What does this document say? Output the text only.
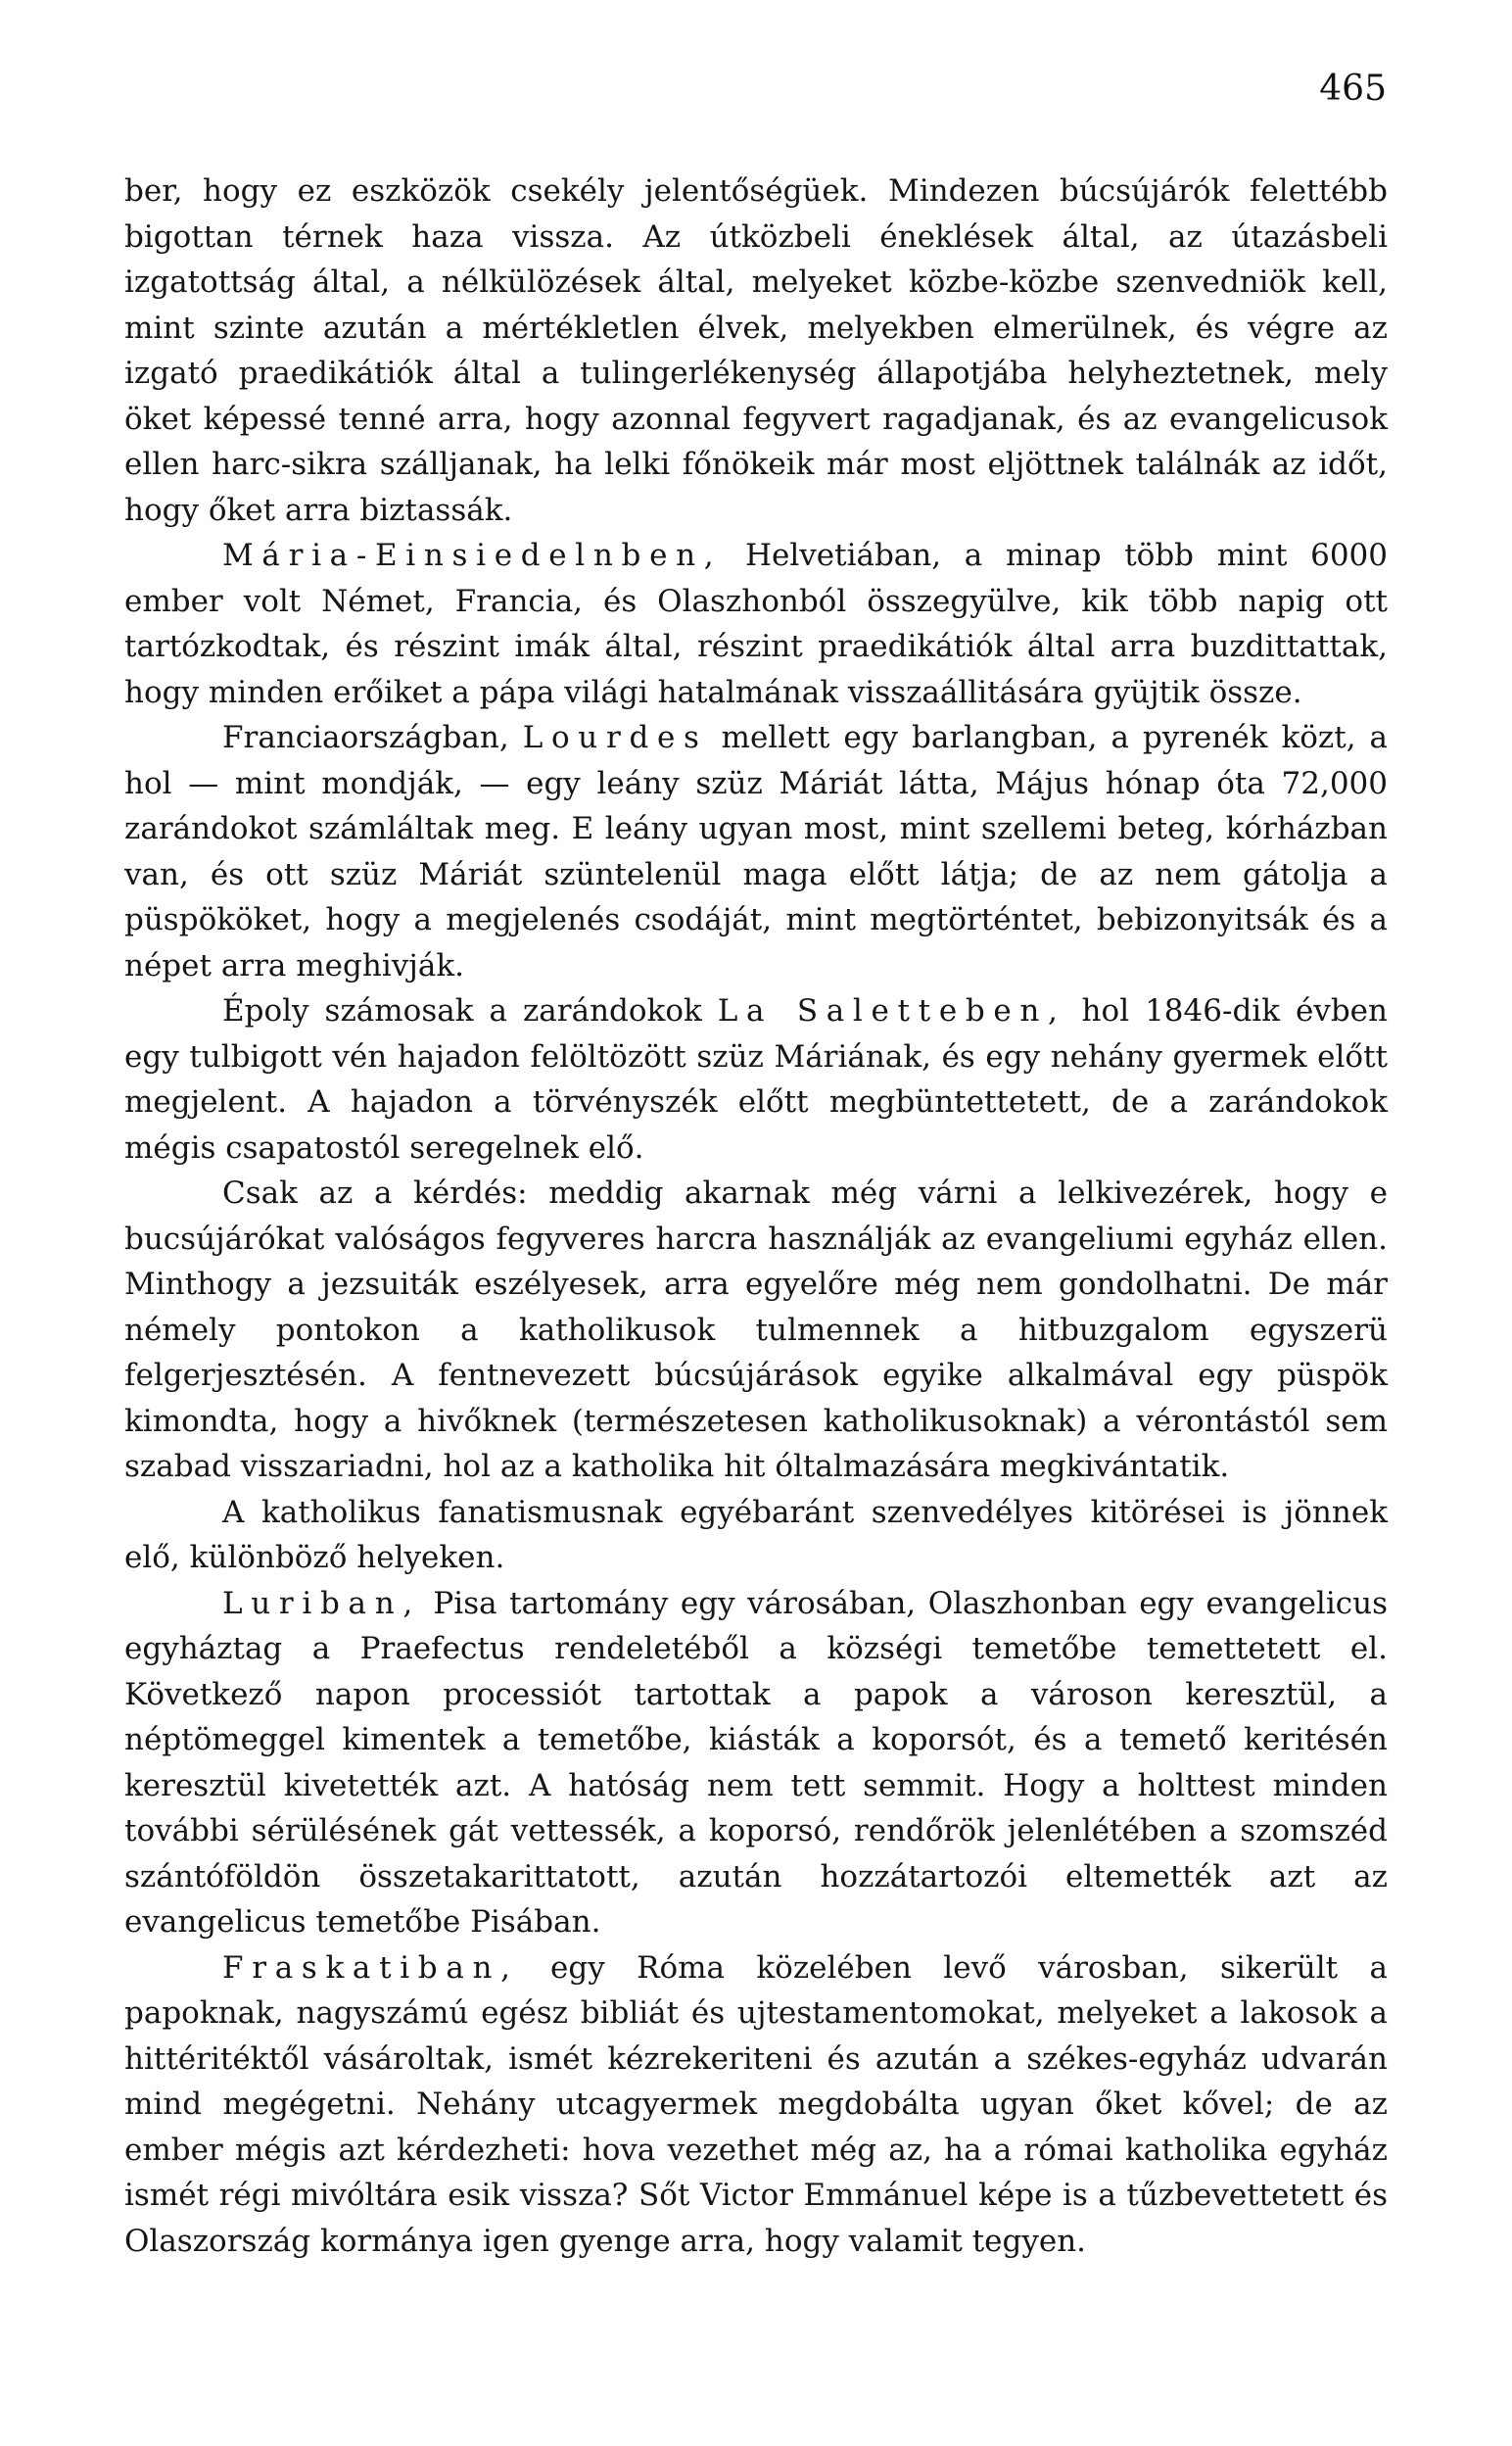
465

ber, hogy ez eszközök csekély jelentőségüek. Mindezen búcsújárók felettébb bigottan térnek haza vissza. Az útközbeli éneklések által, az útazásbeli izgatottság által, a nélkülözések által, melyeket közbe-közbe szenvedniök kell, mint szinte azután a mértékletlen élvek, melyekben elmerülnek, és végre az izgató praedikátiók által a tulingerlékenység állapotjába helyheztetnek, mely öket képessé tenné arra, hogy azonnal fegyvert ragadjanak, és az evangelicusok ellen harc-sikra szálljanak, ha lelki főnökeik már most eljöttnek találnák az időt, hogy őket arra biztassák.

Mária-Einsiedelnben, Helvetiában, a minap több mint 6000 ember volt Német, Francia, és Olaszhonból összegyülve, kik több napig ott tartózkodtak, és részint imák által, részint praedikátiók által arra buzdittattak, hogy minden erőiket a pápa világi hatalmának visszaállitására gyüjtik össze.

Franciaországban, Lourdes mellett egy barlangban, a pyrenék közt, a hol — mint mondják, — egy leány szüz Máriát látta, Május hónap óta 72,000 zarándokot számláltak meg. E leány ugyan most, mint szellemi beteg, kórházban van, és ott szüz Máriát szüntelenül maga előtt látja; de az nem gátolja a püspököket, hogy a megjelenés csodáját, mint megtörténtet, bebizonyitsák és a népet arra meghivják.

Époly számosak a zarándokok La Saletteben, hol 1846-dik évben egy tulbigott vén hajadon felöltözött szüz Máriának, és egy nehány gyermek előtt megjelent. A hajadon a törvényszék előtt megbüntettetett, de a zarándokok mégis csapatostól seregelnek elő.

Csak az a kérdés: meddig akarnak még várni a lelkivezérek, hogy e bucsújárókat valóságos fegyveres harcra használják az evangeliumi egyház ellen. Minthogy a jezsuiták eszélyesek, arra egyelőre még nem gondolhatni. De már némely pontokon a katholikusok tulmennek a hitbuzgalom egyszerü felgerjesztésén. A fentnevezett búcsújárások egyike alkalmával egy püspök kimondta, hogy a hivőknek (természetesen katholikusoknak) a vérontástól sem szabad visszariadni, hol az a katholika hit óltalmazására megkivántatik.

A katholikus fanatismusnak egyébaránt szenvedélyes kitörései is jönnek elő, különböző helyeken.

Luriban, Pisa tartomány egy városában, Olaszhonban egy evangelicus egyháztag a Praefectus rendeletéből a községi temetőbe temettetett el. Következő napon processiót tartottak a papok a városon keresztül, a néptömeggel kimentek a temetőbe, kiásták a koporsót, és a temető keritésén keresztül kivetették azt. A hatóság nem tett semmit. Hogy a holttest minden további sérülésének gát vettessék, a koporsó, rendőrök jelenlétében a szomszéd szántóföldön összetakarittatott, azután hozzátartozói eltemették azt az evangelicus temetőbe Pisában.

Fraskatiban, egy Róma közelében levő városban, sikerült a papoknak, nagyszámú egész bibliát és ujtestamentomokat, melyeket a lakosok a hittéritéktől vásároltak, ismét kézrekeriteni és azután a székes-egyház udvarán mind megégetni. Nehány utcagyermek megdobálta ugyan őket kővel; de az ember mégis azt kérdezheti: hova vezethet még az, ha a római katholika egyház ismét régi mivóltára esik vissza? Sőt Victor Emmánuel képe is a tűzbevettetett és Olaszország kormánya igen gyenge arra, hogy valamit tegyen.
